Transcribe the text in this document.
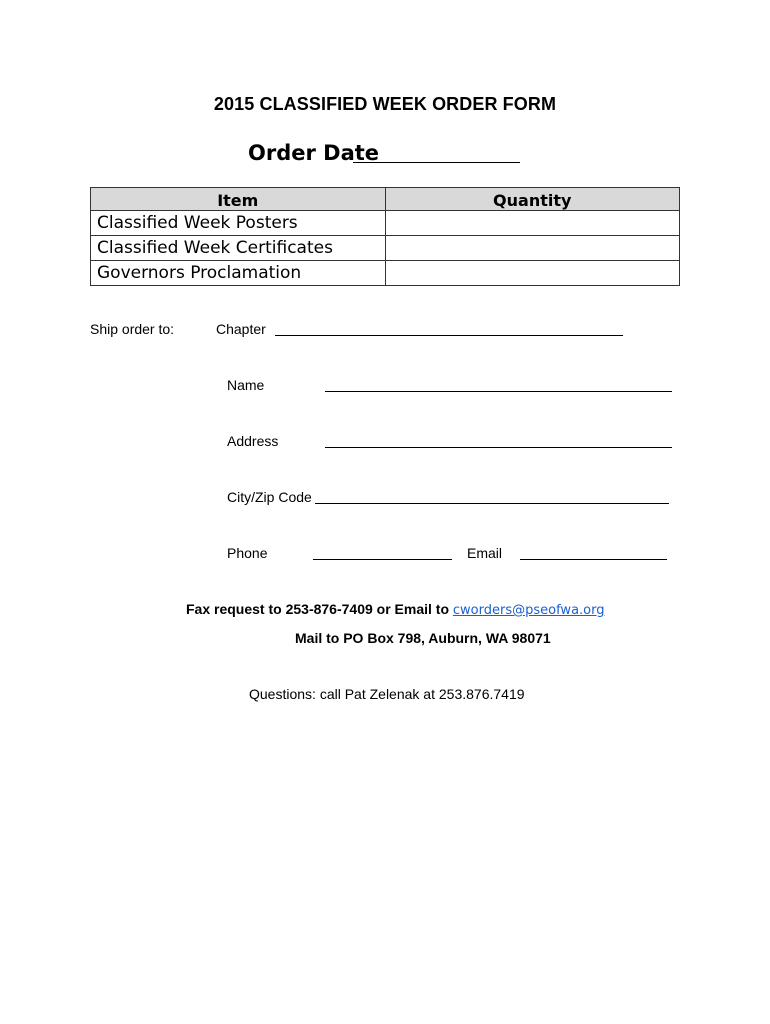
2015 CLASSIFIED WEEK ORDER FORM
Order Date
Item	Quantity
Classified Week Posters	
Classified Week Certificates	
Governors Proclamation	
Ship order to:	Chapter
Name
Address
City/Zip Code
Phone	Email
Fax request to 253-876-7409 or Email to cworders@pseofwa.org
Mail to PO Box 798, Auburn, WA 98071
Questions: call Pat Zelenak at 253.876.7419
